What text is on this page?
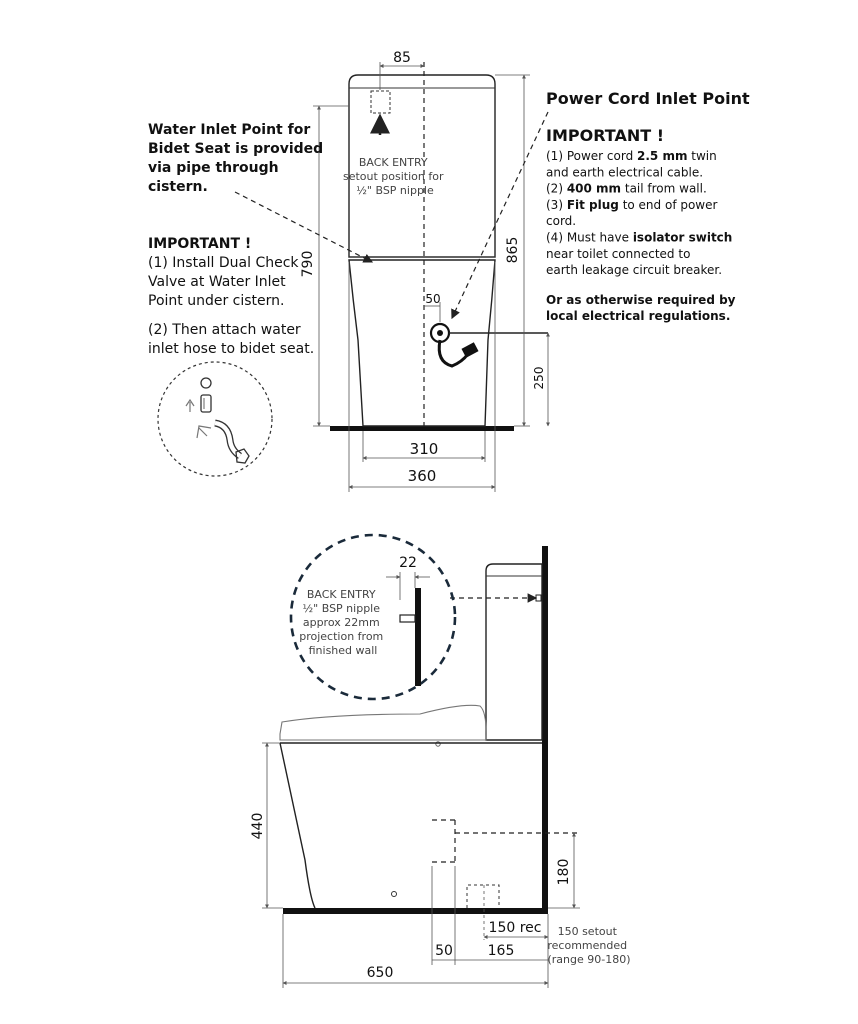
85
790
865
50
250
310
360
BACK ENTRY setout position for ½" BSP nipple
Water Inlet Point for Bidet Seat is provided via pipe through cistern.
IMPORTANT !
(1) Install Dual Check Valve at Water Inlet Point under cistern. (2) Then attach water inlet hose to bidet seat.
Power Cord Inlet Point
IMPORTANT !
(1) Power cord 2.5 mm twin
and earth electrical cable.
(2) 400 mm tail from wall.
(3) Fit plug to end of power
cord.
(4) Must have isolator switch
near toilet connected to
earth leakage circuit breaker.
Or as otherwise required by local electrical regulations.
22
BACK ENTRY ½" BSP nipple approx 22mm projection from finished wall
440
180
150 rec	150 setout recommended (range 90-180)
50 165
650
